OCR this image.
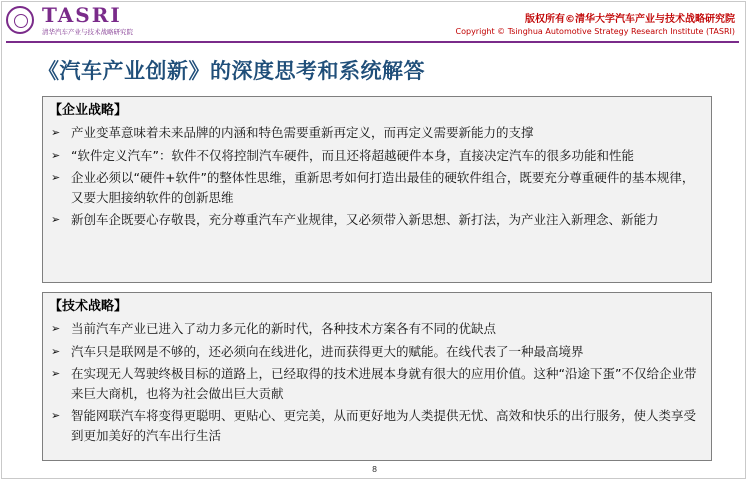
TASRI
清华汽车产业与技术战略研究院
版权所有©清华大学汽车产业与技术战略研究院
Copyright © Tsinghua Automotive Strategy Research Institute (TASRI)
《汽车产业创新》的深度思考和系统解答
【企业战略】
➢ 产业变革意味着未来品牌的内涵和特色需要重新再定义，而再定义需要新能力的支撑
➢ “软件定义汽车”：软件不仅将控制汽车硬件，而且还将超越硬件本身，直接决定汽车的很多功能和性能
➢ 企业必须以“硬件+软件”的整体性思维，重新思考如何打造出最佳的硬软件组合，既要充分尊重硬件的基本规律，又要大胆接纳软件的创新思维
➢ 新创车企既要心存敬畏，充分尊重汽车产业规律，又必须带入新思想、新打法，为产业注入新理念、新能力
【技术战略】
➢ 当前汽车产业已进入了动力多元化的新时代，各种技术方案各有不同的优缺点
➢ 汽车只是联网是不够的，还必须向在线进化，进而获得更大的赋能。在线代表了一种最高境界
➢ 在实现无人驾驶终极目标的道路上，已经取得的技术进展本身就有很大的应用价值。这种“沿途下蛋”不仅给企业带来巨大商机，也将为社会做出巨大贡献
➢ 智能网联汽车将变得更聪明、更贴心、更完美，从而更好地为人类提供无忧、高效和快乐的出行服务，使人类享受到更加美好的汽车出行生活
8
